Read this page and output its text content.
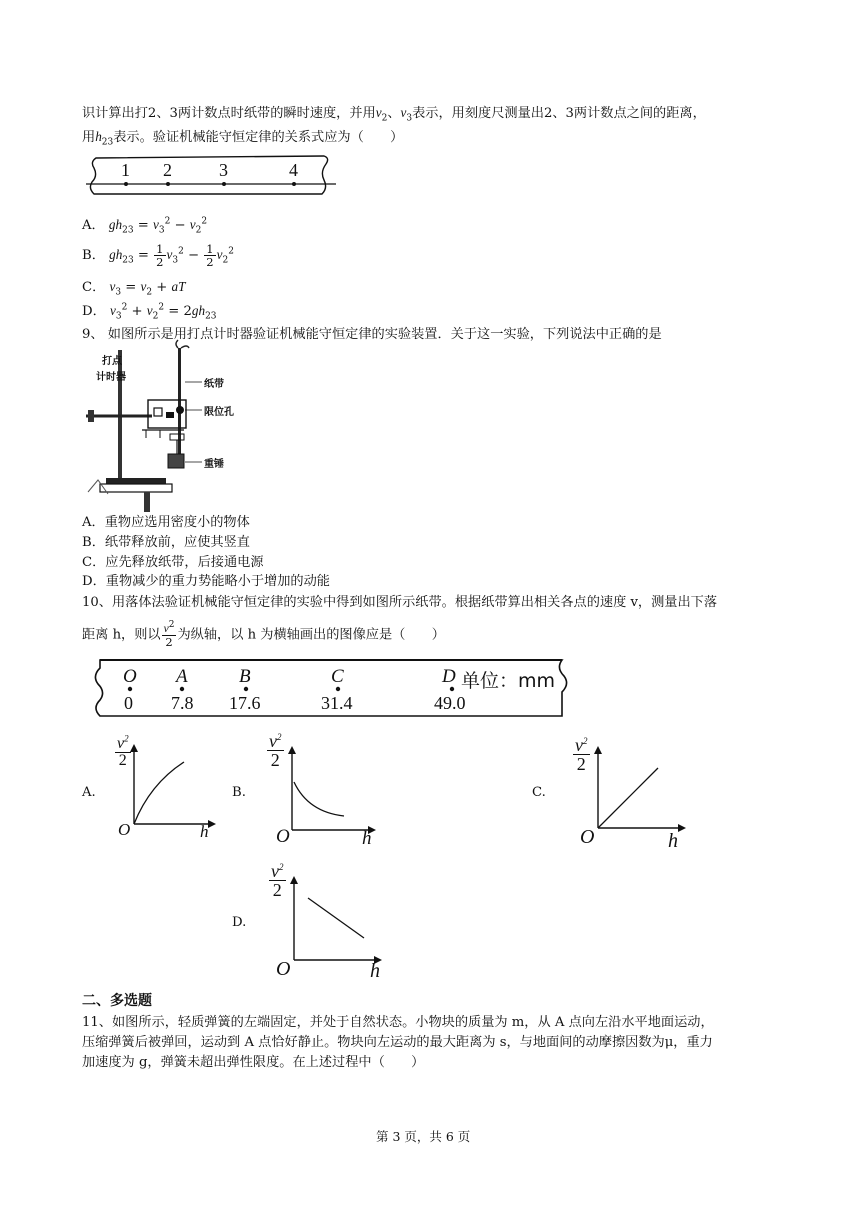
识计算出打2、3两计数点时纸带的瞬时速度，并用$v_2$、$v_3$表示，用刻度尺测量出2、3两计数点之间的距离，
用$h_{23}$表示。验证机械能守恒定律的关系式应为（　　）
1 2	3	4
A． $gh_{23} = v_3^2 - v_2^2$
B． $gh_{23} = \frac{1}{2} v_3^2 - \frac{1}{2} v_2^2$
C． $v_3 = v_2$ + aT
D． $v_3^2 + v_2^2 = 2gh_{23}$
9、 如图所示是用打点计时器验证机械能守恒定律的实验装置．关于这一实验，下列说法中正确的是
打点
计时器
纸带
限位孔
重锤
A．重物应选用密度小的物体
B．纸带释放前，应使其竖直
C．应先释放纸带，后接通电源
D．重物减少的重力势能略小于增加的动能
10、用落体法验证机械能守恒定律的实验中得到如图所示纸带。根据纸带算出相关各点的速度 v，测量出下落
距离 h，则以 $\frac{v^2}{2}$ 为纵轴，以 h 为横轴画出的图像应是（　　）
O A	B	C	D 单位：mm
0 7.8 17.6	31.4	49.0
A.
$\frac{v^2}{2}$
O	h
B.
$\frac{v^2}{2}$
O	h
C.
$\frac{v^2}{2}$
O	h
D.
$\frac{v^2}{2}$
O	h
二、多选题
11、如图所示，轻质弹簧的左端固定，并处于自然状态。小物块的质量为 m，从 A 点向左沿水平地面运动，
压缩弹簧后被弹回，运动到 A 点恰好静止。物块向左运动的最大距离为 s，与地面间的动摩擦因数为μ，重力
加速度为 g，弹簧未超出弹性限度。在上述过程中（　　）
第 3 页，共 6 页
